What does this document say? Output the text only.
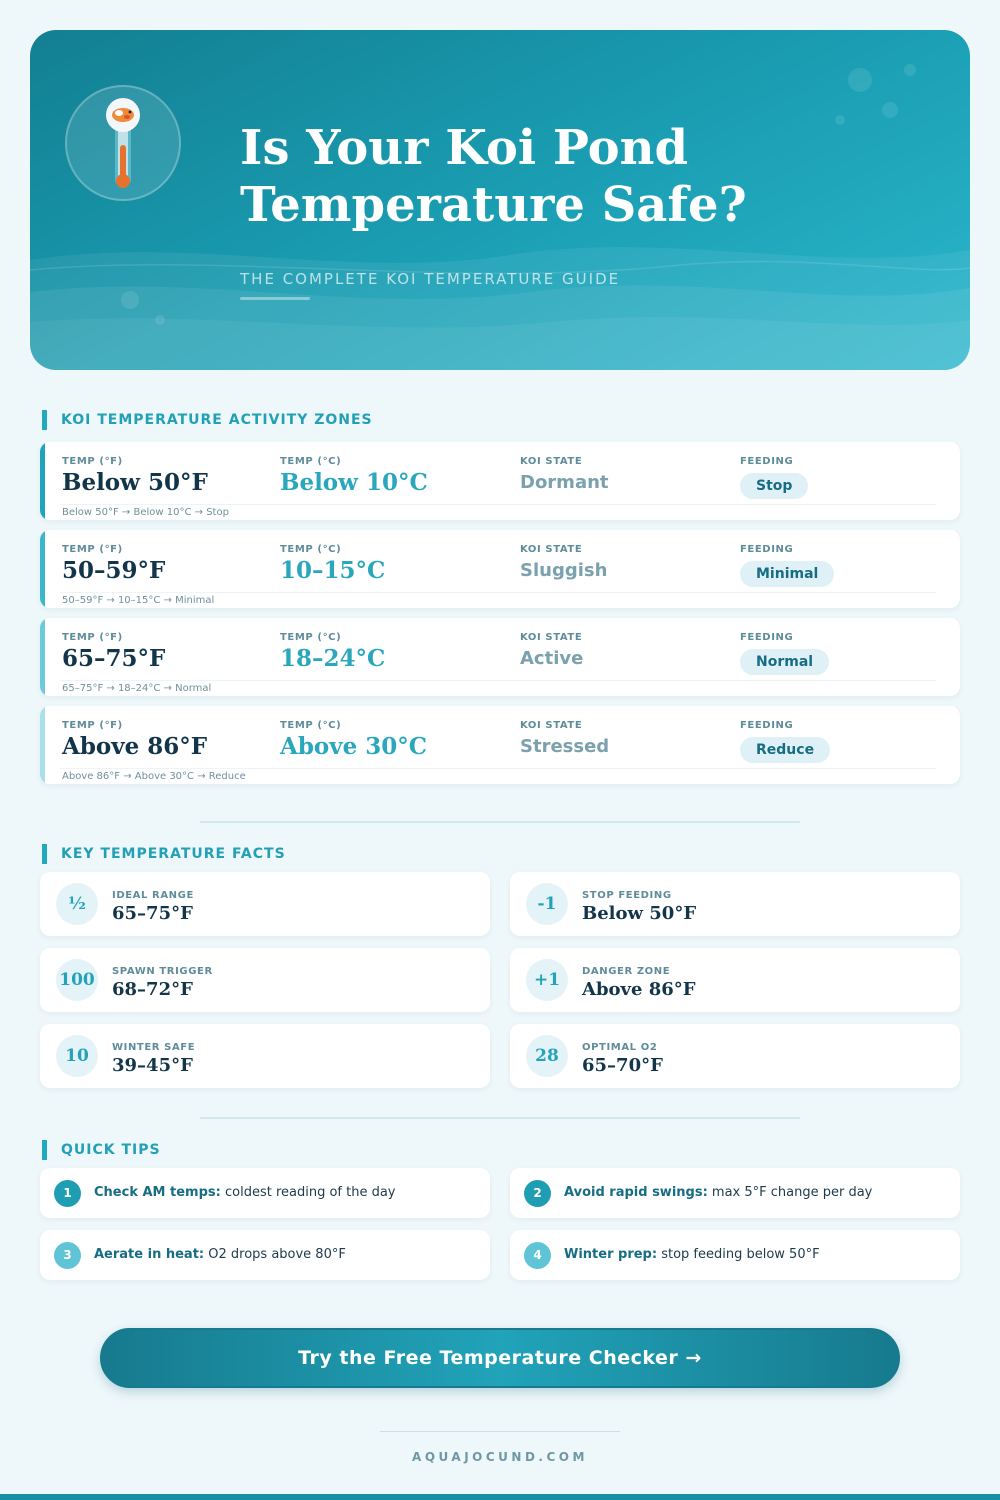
Is Your Koi Pond
Temperature Safe?
THE COMPLETE KOI TEMPERATURE GUIDE
KOI TEMPERATURE ACTIVITY ZONES
TEMP (°F)
Below 50°F
TEMP (°C)
Below 10°C
KOI STATE
Dormant
FEEDING
Stop
Below 50°F → Below 10°C → Stop
TEMP (°F)
50–59°F
TEMP (°C)
10–15°C
KOI STATE
Sluggish
FEEDING
Minimal
50–59°F → 10–15°C → Minimal
TEMP (°F)
65–75°F
TEMP (°C)
18–24°C
KOI STATE
Active
FEEDING
Normal
65–75°F → 18–24°C → Normal
TEMP (°F)
Above 86°F
TEMP (°C)
Above 30°C
KOI STATE
Stressed
FEEDING
Reduce
Above 86°F → Above 30°C → Reduce
KEY TEMPERATURE FACTS
½	IDEAL RANGE
65–75°F	-1	STOP FEEDING
Below 50°F
100	SPAWN TRIGGER
68–72°F	+1	DANGER ZONE
Above 86°F
10	WINTER SAFE
39–45°F	28	OPTIMAL O2
65–70°F
QUICK TIPS
1	Check AM temps: coldest reading of the day	2	Avoid rapid swings: max 5°F change per day
3	Aerate in heat: O2 drops above 80°F	4	Winter prep: stop feeding below 50°F
Try the Free Temperature Checker →
AQUAJOCUND.COM
